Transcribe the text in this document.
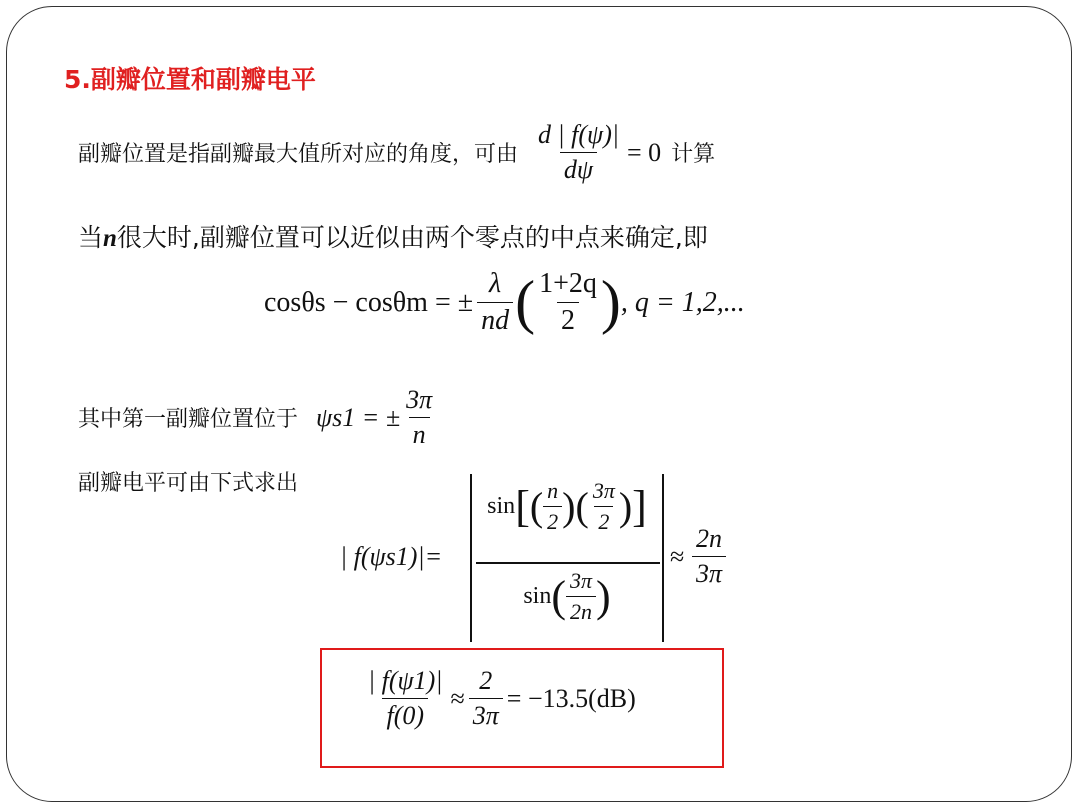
5.副瓣位置和副瓣电平
副瓣位置是指副瓣最大值所对应的角度，可由 $\frac{d | f(\psi)|}{d\psi} = 0$ 计算
当n很大时,副瓣位置可以近似由两个零点的中点来确定,即
cosθs − cosθm = ± $\frac{\lambda}{nd}$ ( $\frac{1+2q}{2}$ ) , q = 1,2,...
其中第一副瓣位置位于 ψs1 = ± $\frac{3\pi}{n}$
副瓣电平可由下式求出
| f(ψs1)|=
sin [ ( $\frac{n}{2}$ )( $\frac{3\pi}{2}$ ) ]
sin ( $\frac{3\pi}{2n}$ )
≈ $\frac{2n}{3\pi}$
$\frac{| f(\psi 1)|}{f(0)} \approx \frac{2}{3\pi} = -13.5(dB)$
